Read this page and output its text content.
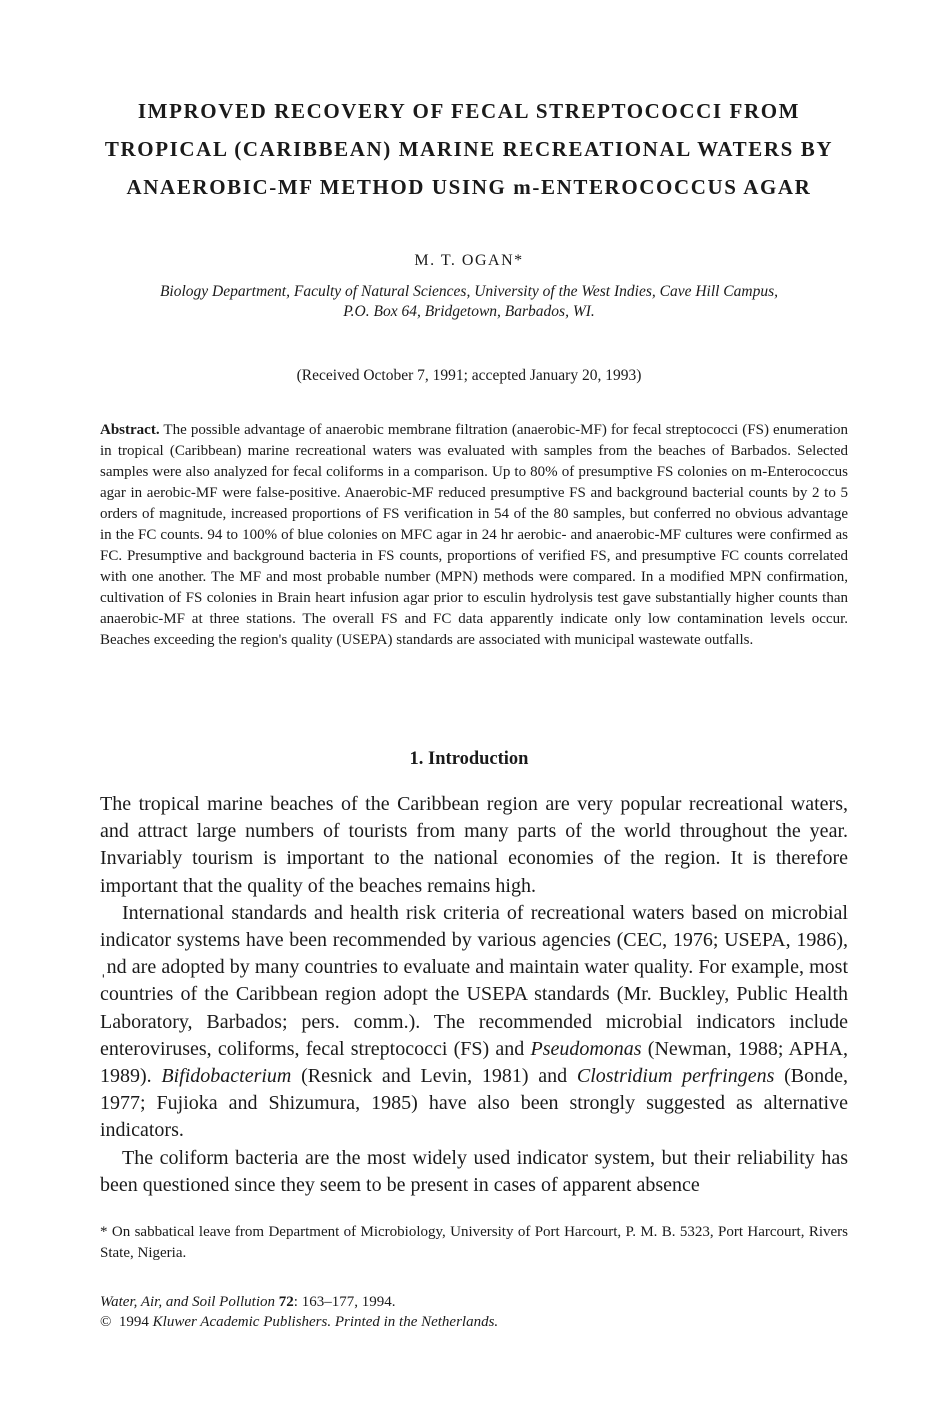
IMPROVED RECOVERY OF FECAL STREPTOCOCCI FROM
TROPICAL (CARIBBEAN) MARINE RECREATIONAL WATERS BY
ANAEROBIC-MF METHOD USING m-ENTEROCOCCUS AGAR
M. T. OGAN*
Biology Department, Faculty of Natural Sciences, University of the West Indies, Cave Hill Campus,
P.O. Box 64, Bridgetown, Barbados, WI.
(Received October 7, 1991; accepted January 20, 1993)

Abstract. The possible advantage of anaerobic membrane filtration (anaerobic-MF) for fecal streptococci (FS) enumeration in tropical (Caribbean) marine recreational waters was evaluated with samples from the beaches of Barbados. Selected samples were also analyzed for fecal coliforms in a comparison. Up to 80% of presumptive FS colonies on m-Enterococcus agar in aerobic-MF were false-positive. Anaerobic-MF reduced presumptive FS and background bacterial counts by 2 to 5 orders of magnitude, increased proportions of FS verification in 54 of the 80 samples, but conferred no obvious advantage in the FC counts. 94 to 100% of blue colonies on MFC agar in 24 hr aerobic- and anaerobic-MF cultures were confirmed as FC. Presumptive and background bacteria in FS counts, proportions of verified FS, and presumptive FC counts correlated with one another. The MF and most probable number (MPN) methods were compared. In a modified MPN confirmation, cultivation of FS colonies in Brain heart infusion agar prior to esculin hydrolysis test gave substantially higher counts than anaerobic-MF at three stations. The overall FS and FC data apparently indicate only low contamination levels occur. Beaches exceeding the region's quality (USEPA) standards are associated with municipal wastewate outfalls.

1. Introduction

The tropical marine beaches of the Caribbean region are very popular recreational waters, and attract large numbers of tourists from many parts of the world throughout the year. Invariably tourism is important to the national economies of the region. It is therefore important that the quality of the beaches remains high.

International standards and health risk criteria of recreational waters based on microbial indicator systems have been recommended by various agencies (CEC, 1976; USEPA, 1986), ˌnd are adopted by many countries to evaluate and maintain water quality. For example, most countries of the Caribbean region adopt the USEPA standards (Mr. Buckley, Public Health Laboratory, Barbados; pers. comm.). The recommended microbial indicators include enteroviruses, coliforms, fecal streptococci (FS) and Pseudomonas (Newman, 1988; APHA, 1989). Bifidobacterium (Resnick and Levin, 1981) and Clostridium perfringens (Bonde, 1977; Fujioka and Shizumura, 1985) have also been strongly suggested as alternative indicators.

The coliform bacteria are the most widely used indicator system, but their reliability has been questioned since they seem to be present in cases of apparent absence

* On sabbatical leave from Department of Microbiology, University of Port Harcourt, P. M. B. 5323, Port Harcourt, Rivers State, Nigeria.

Water, Air, and Soil Pollution 72: 163–177, 1994.
© 1994 Kluwer Academic Publishers. Printed in the Netherlands.
